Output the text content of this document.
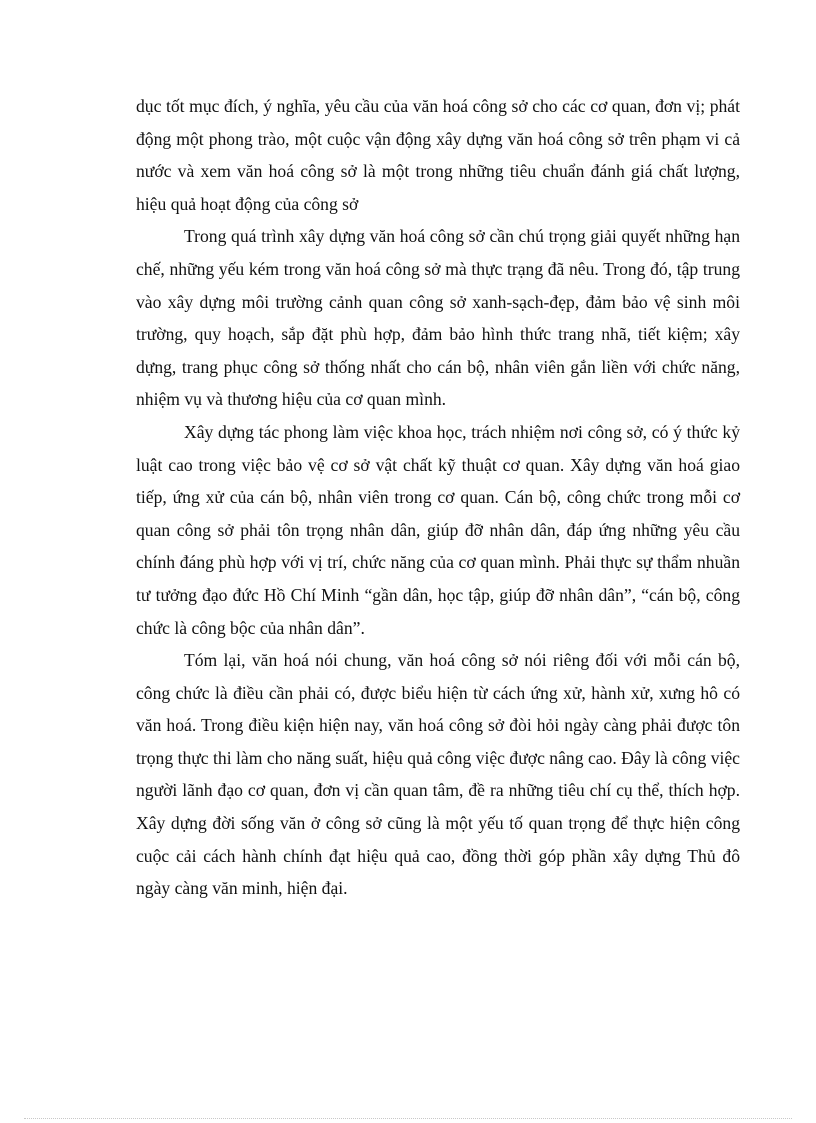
dục tốt mục đích, ý nghĩa, yêu cầu của văn hoá công sở cho các cơ quan, đơn vị; phát động một phong trào, một cuộc vận động xây dựng văn hoá công sở trên phạm vi cả nước và xem văn hoá công sở là một trong những tiêu chuẩn đánh giá chất lượng, hiệu quả hoạt động của công sở

Trong quá trình xây dựng văn hoá công sở cần chú trọng giải quyết những hạn chế, những yếu kém trong văn hoá công sở mà thực trạng đã nêu. Trong đó, tập trung vào xây dựng môi trường cảnh quan công sở xanh-sạch-đẹp, đảm bảo vệ sinh môi trường, quy hoạch, sắp đặt phù hợp, đảm bảo hình thức trang nhã, tiết kiệm; xây dựng, trang phục công sở thống nhất cho cán bộ, nhân viên gắn liền với chức năng, nhiệm vụ và thương hiệu của cơ quan mình.

Xây dựng tác phong làm việc khoa học, trách nhiệm nơi công sở, có ý thức kỷ luật cao trong việc bảo vệ cơ sở vật chất kỹ thuật cơ quan. Xây dựng văn hoá giao tiếp, ứng xử của cán bộ, nhân viên trong cơ quan. Cán bộ, công chức trong mỗi cơ quan công sở phải tôn trọng nhân dân, giúp đỡ nhân dân, đáp ứng những yêu cầu chính đáng phù hợp với vị trí, chức năng của cơ quan mình. Phải thực sự thẩm nhuần tư tưởng đạo đức Hồ Chí Minh “gần dân, học tập, giúp đỡ nhân dân”, “cán bộ, công chức là công bộc của nhân dân”.

Tóm lại, văn hoá nói chung, văn hoá công sở nói riêng đối với mỗi cán bộ, công chức là điều cần phải có, được biểu hiện từ cách ứng xử, hành xử, xưng hô có văn hoá. Trong điều kiện hiện nay, văn hoá công sở đòi hỏi ngày càng phải được tôn trọng thực thi làm cho năng suất, hiệu quả công việc được nâng cao. Đây là công việc người lãnh đạo cơ quan, đơn vị cần quan tâm, đề ra những tiêu chí cụ thể, thích hợp. Xây dựng đời sống văn ở công sở cũng là một yếu tố quan trọng để thực hiện công cuộc cải cách hành chính đạt hiệu quả cao, đồng thời góp phần xây dựng Thủ đô ngày càng văn minh, hiện đại.
